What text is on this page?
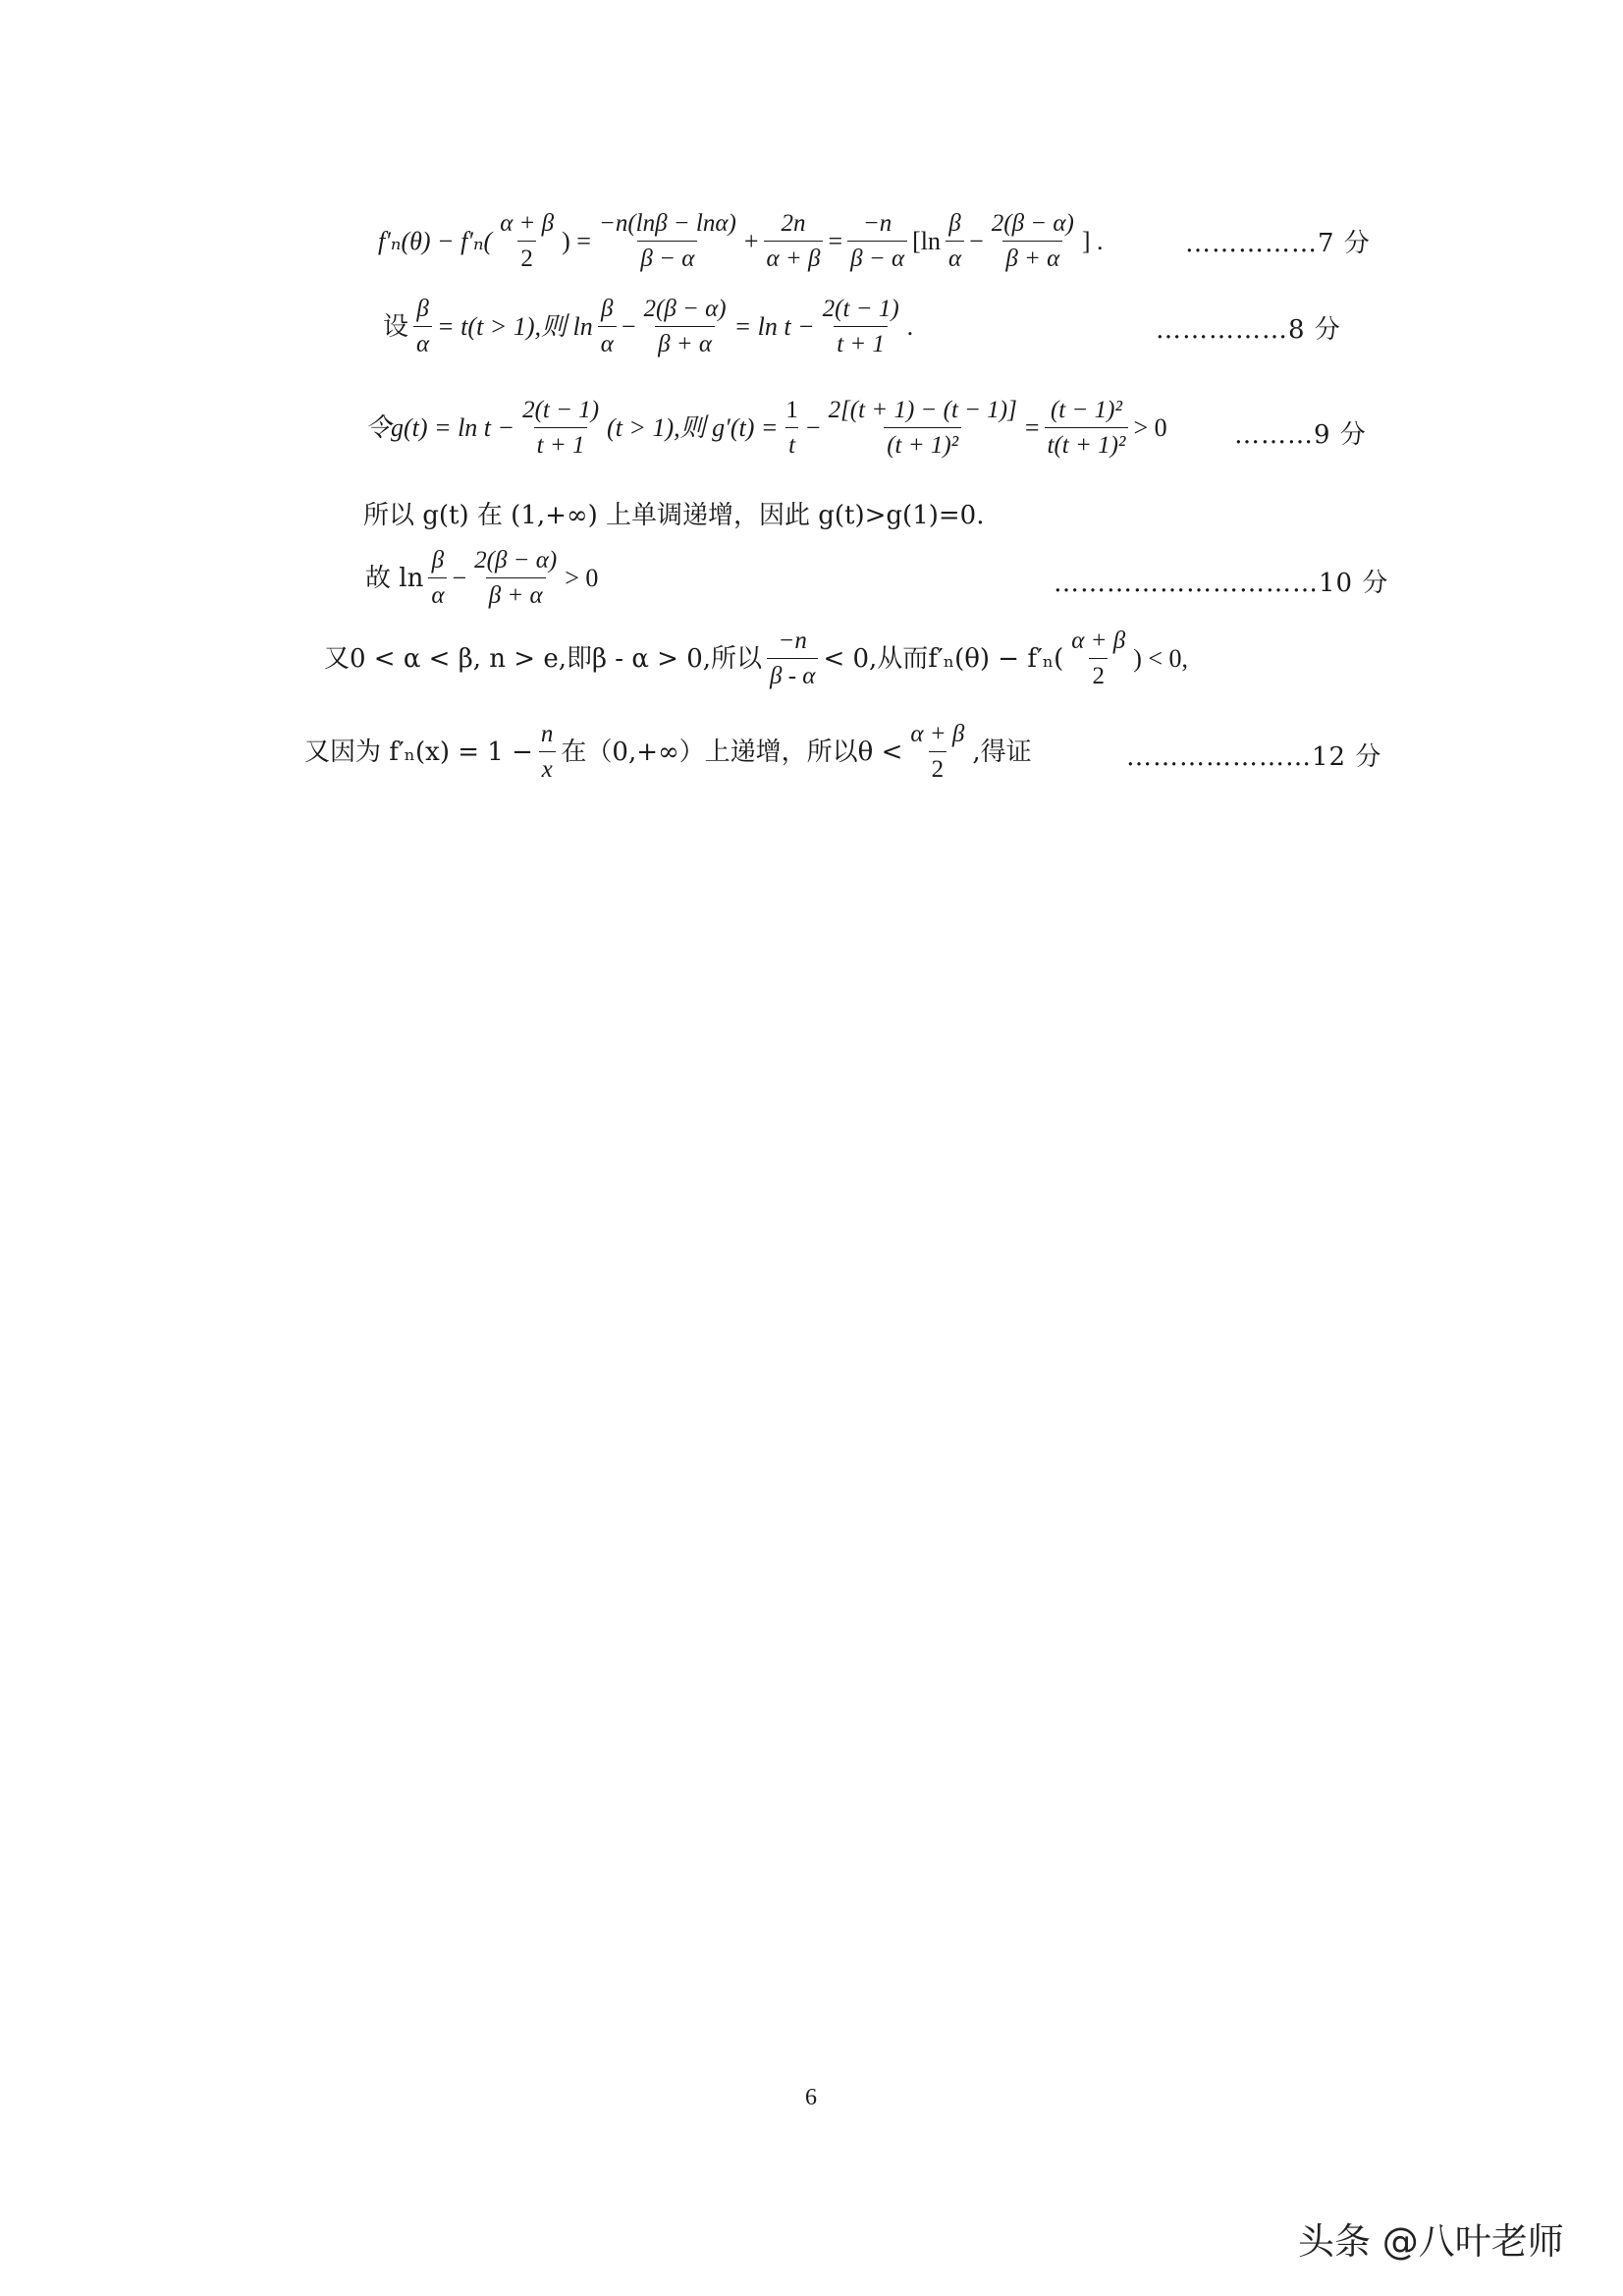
$f'_n(\theta) - f'_n( \frac{\alpha + \beta}{2}$ ) = $\frac{-n(\ln\beta - \ln\alpha)}{\beta - \alpha} + \frac{2n}{\alpha + \beta} = \frac{-n}{\beta - \alpha} [\ln \frac{\beta}{\alpha} - \frac{2(\beta - \alpha)}{\beta + \alpha}$ ] .	……………7 分
设 $\frac{\beta}{\alpha} = t(t > 1)$,则 $\ln \frac{\beta}{\alpha} - \frac{2(\beta - \alpha)}{\beta + \alpha} = \ln t - \frac{2(t - 1)}{t + 1}$ .	……………8 分
令$g(t) = \ln t - \frac{2(t - 1)}{t + 1} (t > 1)$,则 $g'(t) = \frac{1}{t} - \frac{2[(t + 1) - (t - 1)]}{\text{(t + 1)²}} = \frac{\text{(t − 1)²}}{\text{t(t + 1)²}} > 0$	………9 分
所以 g(t) 在 (1,+∞) 上单调递增，因此 g(t)>g(1)=0.
故 $\ln \frac{\beta}{\alpha} - \frac{2(\beta - \alpha)}{\beta + \alpha} > 0$	…………………………10 分
又0 < α < β, n > e,即β - α > 0,所以 $\frac{-n}{\beta - \alpha} < 0$,从而$f'_n(\theta) - f'_n( \frac{\alpha + \beta}{2}$ ) < 0,
又因为 $f'_n(x) = 1 - \frac{n}{x}$ 在（0,+∞）上递增，所以$\theta < \frac{\alpha + \beta}{2}$ ,得证	…………………12 分
6
头条 @八叶老师
